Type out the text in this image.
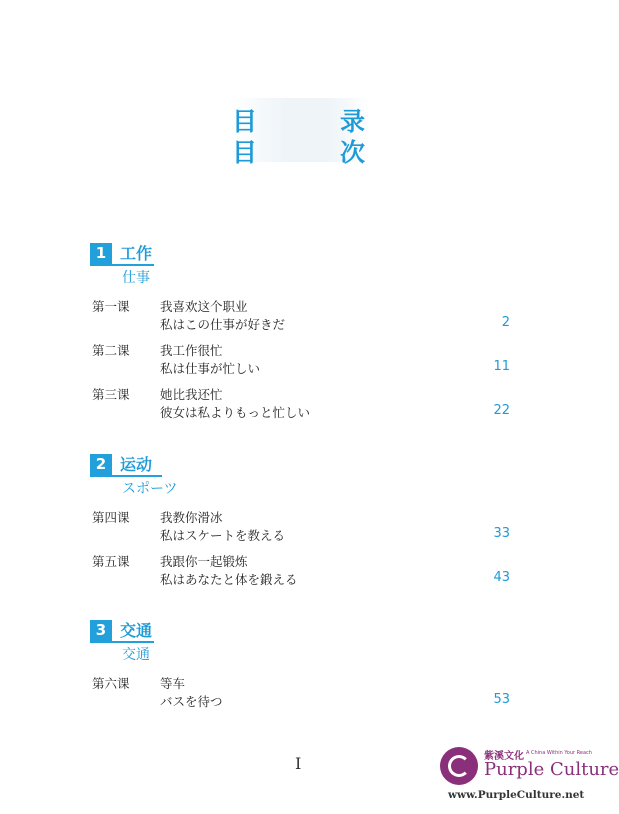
目	录
目	次
1 工作
仕事
第一课 我喜欢这个职业
私はこの仕事が好きだ	2
第二课 我工作很忙
私は仕事が忙しい	11
第三课 她比我还忙
彼女は私よりもっと忙しい	22
2 运动
スポーツ
第四课 我教你滑冰
私はスケートを教える	33
第五课 我跟你一起锻炼
私はあなたと体を鍛える	43
3 交通
交通
第六课 等车
バスを待つ	53
I	紫溪文化 A China Within Your Reach
Purple Culture
www.PurpleCulture.net
